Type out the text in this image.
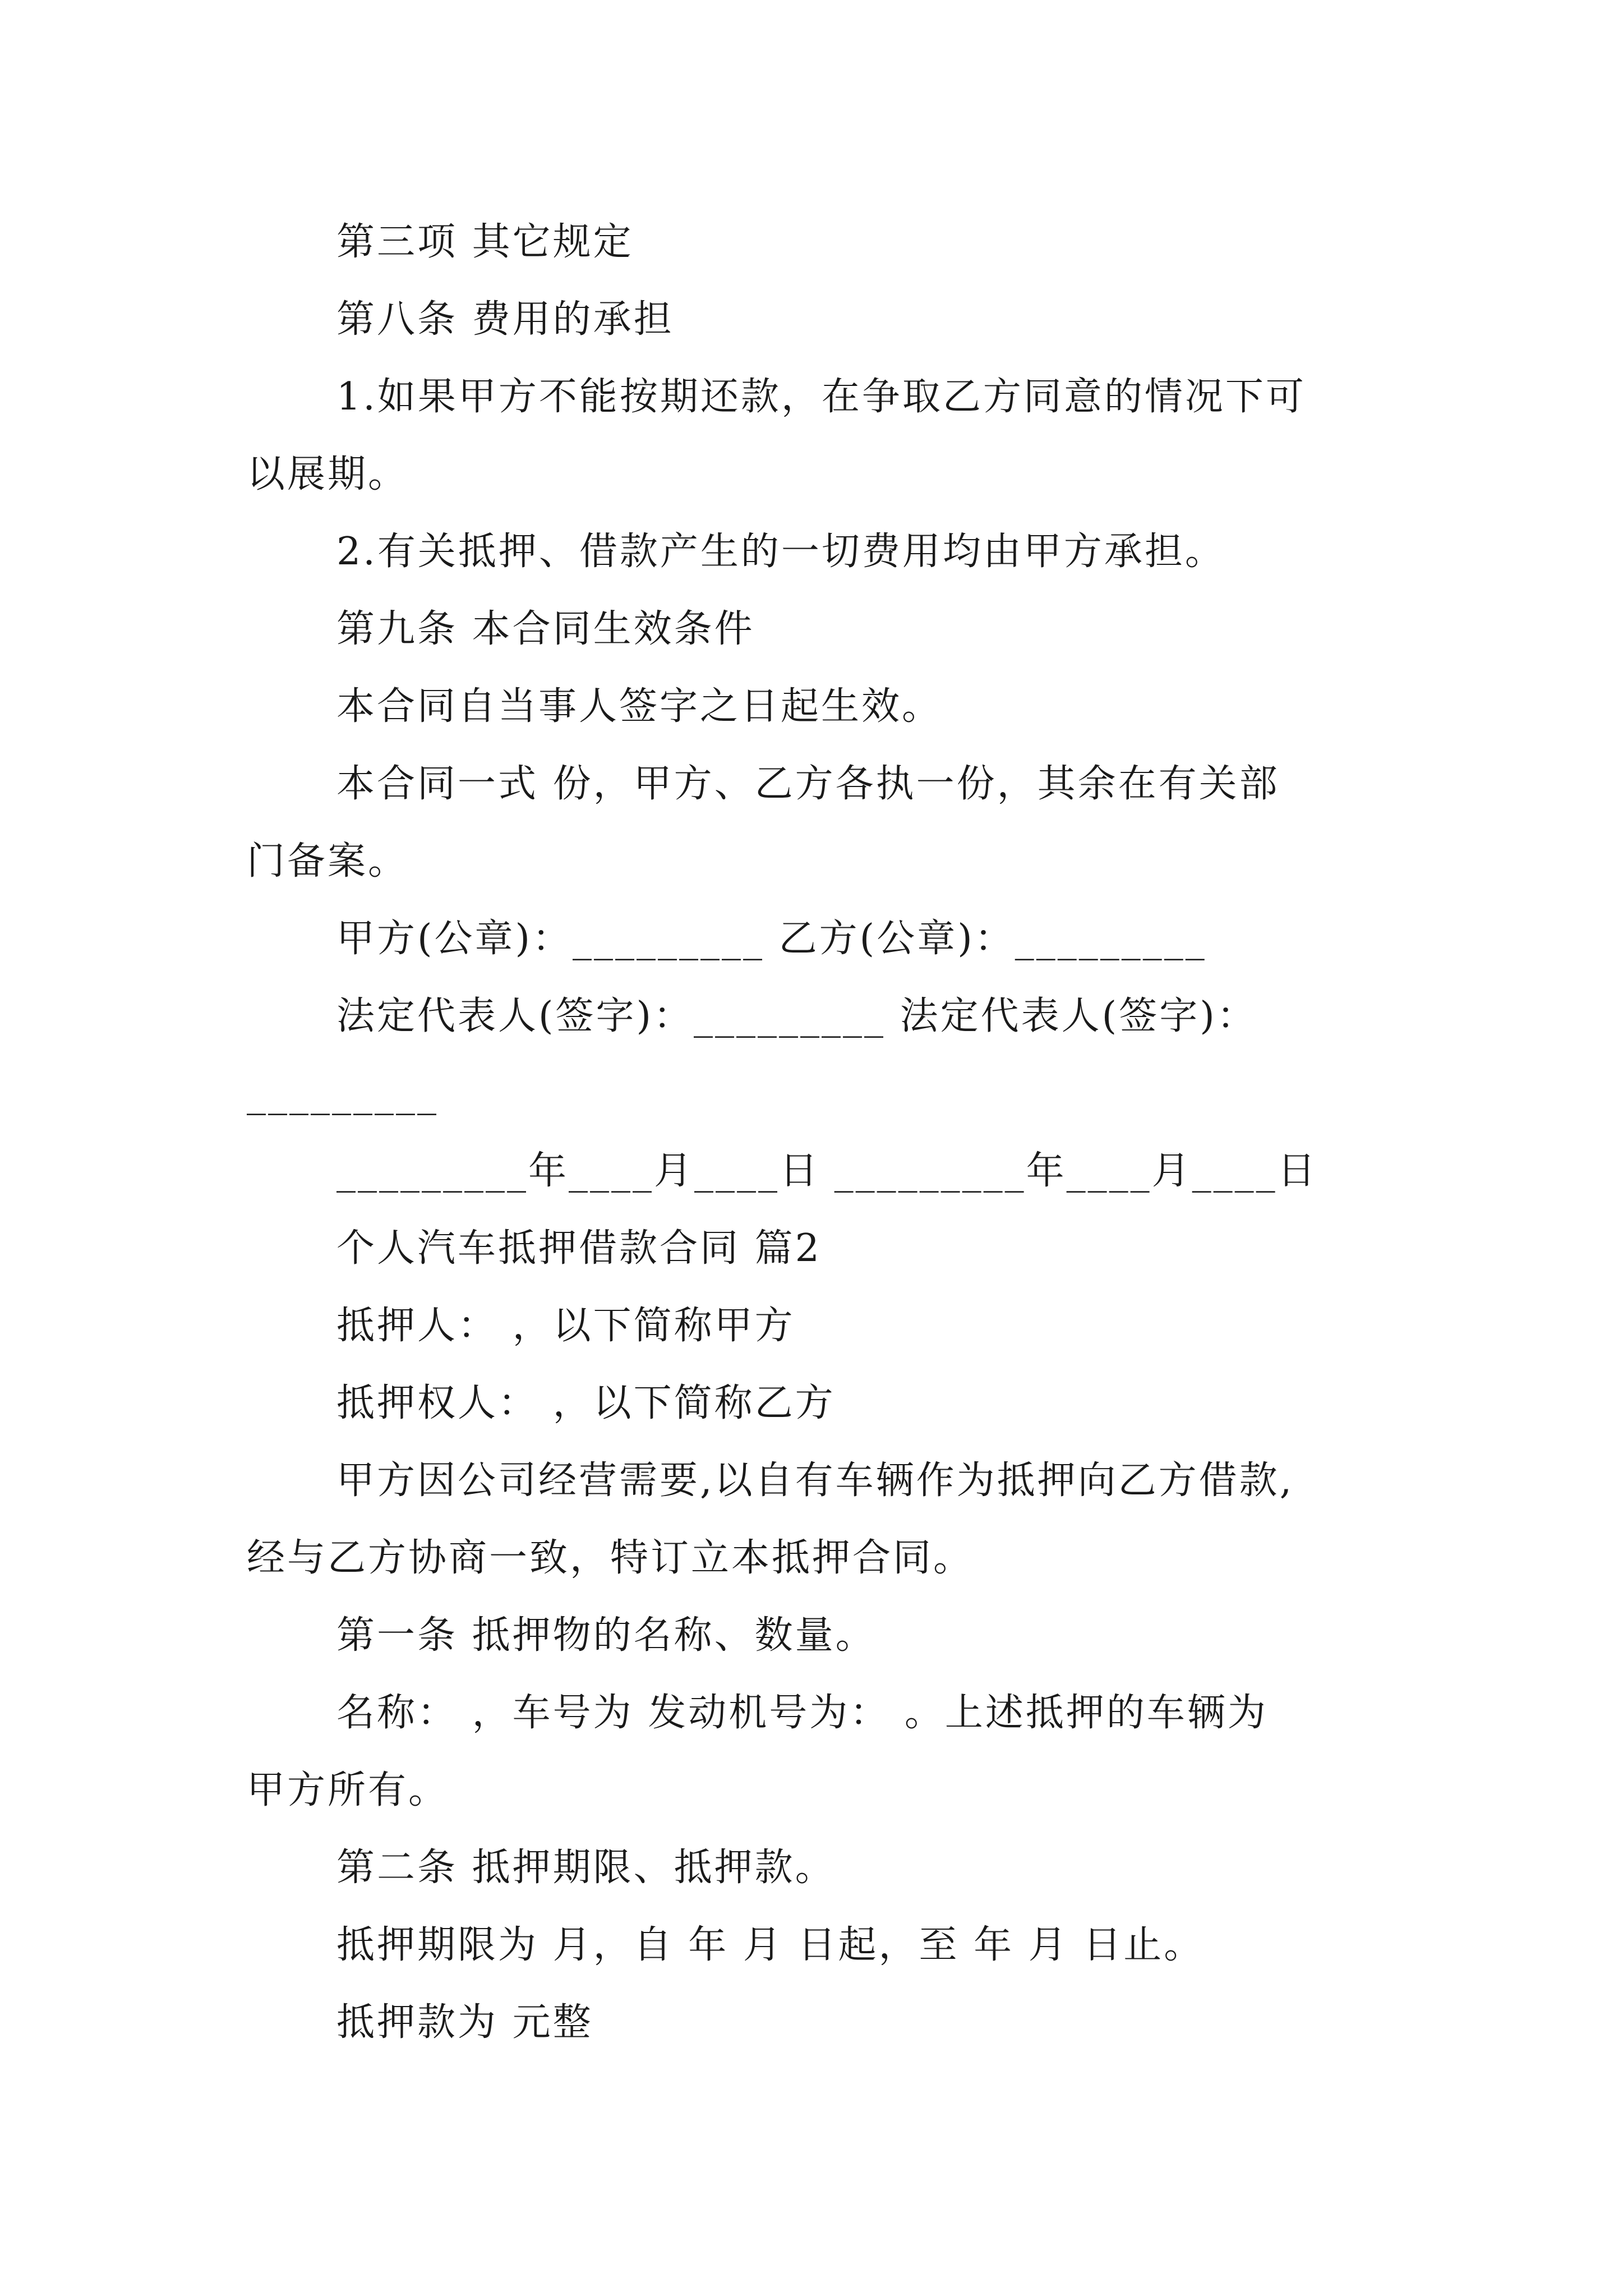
第三项 其它规定
第八条 费用的承担
1.如果甲方不能按期还款，在争取乙方同意的情况下可
以展期。
2.有关抵押、借款产生的一切费用均由甲方承担。
第九条 本合同生效条件
本合同自当事人签字之日起生效。
本合同一式 份，甲方、乙方各执一份，其余在有关部
门备案。
甲方(公章)：_________ 乙方(公章)：_________
法定代表人(签字)：_________ 法定代表人(签字)：
_________
_________年____月____日 _________年____月____日
个人汽车抵押借款合同 篇2
抵押人： ，以下简称甲方
抵押权人： ，以下简称乙方
甲方因公司经营需要,以自有车辆作为抵押向乙方借款,
经与乙方协商一致，特订立本抵押合同。
第一条 抵押物的名称、数量。
名称： ，车号为 发动机号为： 。上述抵押的车辆为
甲方所有。
第二条 抵押期限、抵押款。
抵押期限为 月，自 年 月 日起，至 年 月 日止。
抵押款为 元整
